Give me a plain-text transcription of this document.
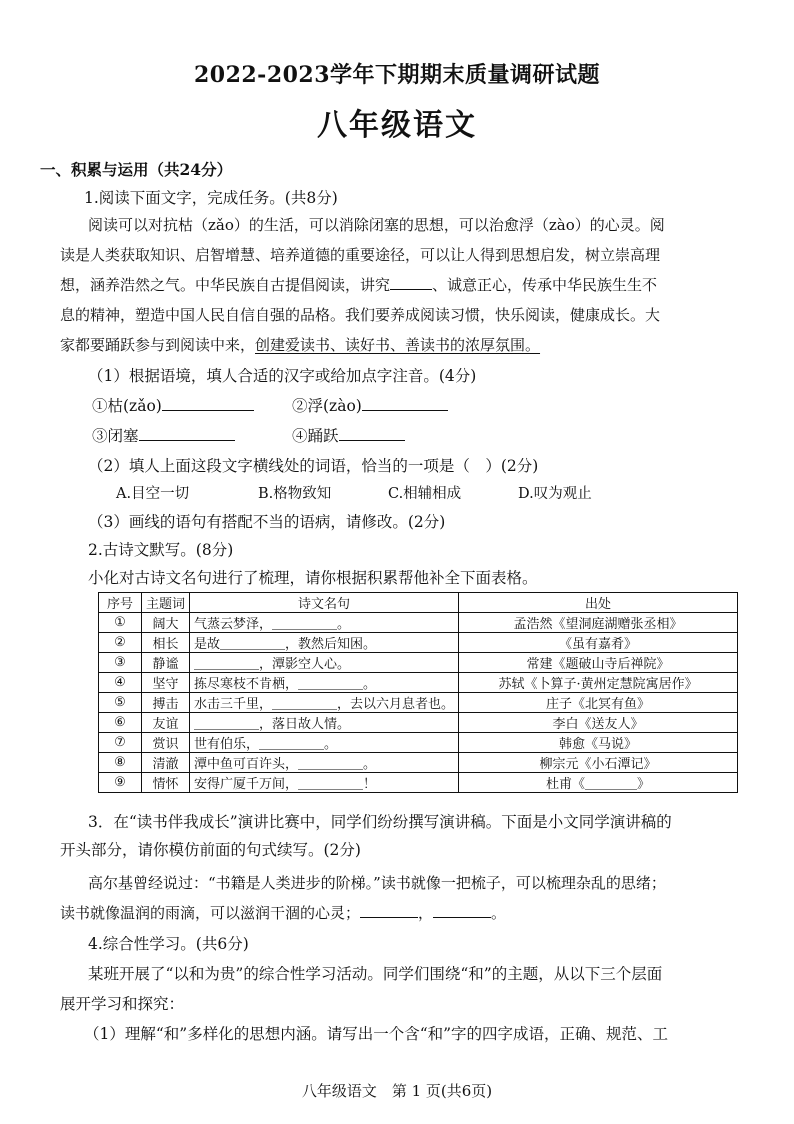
2022-2023学年下期期末质量调研试题
八年级语文
一、积累与运用（共24分）
1.阅读下面文字，完成任务。(共8分)
阅读可以对抗枯（zǎo）的生活，可以消除闭塞的思想，可以治愈浮（zào）的心灵。阅
读是人类获取知识、启智增慧、培养道德的重要途径，可以让人得到思想启发，树立崇高理
想，涵养浩然之气。中华民族自古提倡阅读，讲究	、诚意正心，传承中华民族生生不
息的精神，塑造中国人民自信自强的品格。我们要养成阅读习惯，快乐阅读，健康成长。大
家都要踊跃参与到阅读中来，创建爱读书、读好书、善读书的浓厚氛围。
（1）根据语境，填人合适的汉字或给加点字注音。(4分)
①枯(zǎo)	②浮(zào)
③闭塞	④踊跃
（2）填人上面这段文字横线处的词语，恰当的一项是（　）(2分)
A.目空一切	B.格物致知	C.相辅相成	D.叹为观止
（3）画线的语句有搭配不当的语病，请修改。(2分)
2.古诗文默写。(8分)
小化对古诗文名句进行了梳理，请你根据积累帮他补全下面表格。
序号	主题词	诗文名句	出处
①	阔大	气蒸云梦泽，＿＿＿＿＿。	孟浩然《望洞庭湖赠张丞相》
②	相长	是故＿＿＿＿＿，教然后知困。	《虽有嘉肴》
③	静谧	＿＿＿＿＿，潭影空人心。	常建《题破山寺后禅院》
④	坚守	拣尽寒枝不肯栖，＿＿＿＿＿。	苏轼《卜算子·黄州定慧院寓居作》
⑤	搏击	水击三千里，＿＿＿＿＿，去以六月息者也。	庄子《北冥有鱼》
⑥	友谊	＿＿＿＿＿，落日故人情。	李白《送友人》
⑦	赏识	世有伯乐，＿＿＿＿＿。	韩愈《马说》
⑧	清澈	潭中鱼可百许头，＿＿＿＿＿。	柳宗元《小石潭记》
⑨	情怀	安得广厦千万间，＿＿＿＿＿！	杜甫《＿＿＿＿》
3．在“读书伴我成长”演讲比赛中，同学们纷纷撰写演讲稿。下面是小文同学演讲稿的
开头部分，请你模仿前面的句式续写。(2分)
高尔基曾经说过：“书籍是人类进步的阶梯。”读书就像一把梳子，可以梳理杂乱的思绪；
读书就像温润的雨滴，可以滋润干涸的心灵；	，	。
4.综合性学习。(共6分)
某班开展了“以和为贵”的综合性学习活动。同学们围绕“和”的主题，从以下三个层面
展开学习和探究：
（1）理解“和”多样化的思想内涵。请写出一个含“和”字的四字成语，正确、规范、工
八年级语文　第 1 页(共6页)
